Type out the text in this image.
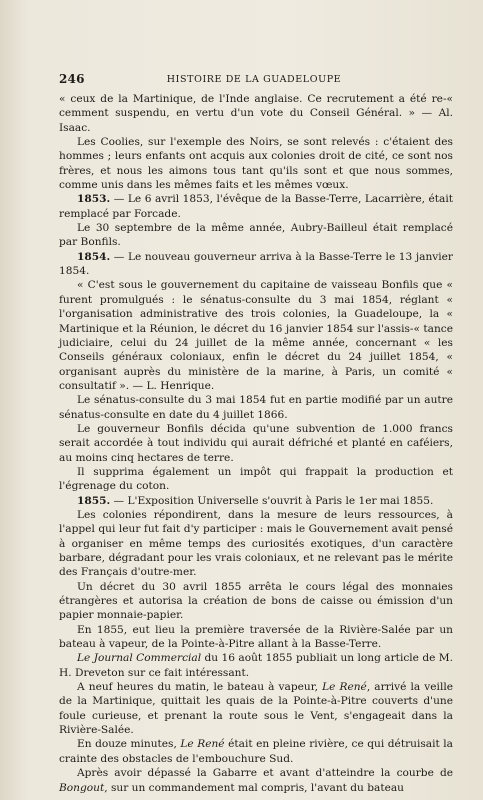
246	HISTOIRE DE LA GUADELOUPE

« ceux de la Martinique, de l'Inde anglaise. Ce recrutement a été re-« cemment suspendu, en vertu d'un vote du Conseil Général. » — Al. Isaac.

Les Coolies, sur l'exemple des Noirs, se sont relevés : c'étaient des hommes ; leurs enfants ont acquis aux colonies droit de cité, ce sont nos frères, et nous les aimons tous tant qu'ils sont et que nous sommes, comme unis dans les mêmes faits et les mêmes vœux.

1853. — Le 6 avril 1853, l'évêque de la Basse-Terre, Lacarrière, était remplacé par Forcade.

Le 30 septembre de la même année, Aubry-Bailleul était remplacé par Bonfils.

1854. — Le nouveau gouverneur arriva à la Basse-Terre le 13 janvier 1854.

« C'est sous le gouvernement du capitaine de vaisseau Bonfils que « furent promulgués : le sénatus-consulte du 3 mai 1854, réglant « l'organisation administrative des trois colonies, la Guadeloupe, la « Martinique et la Réunion, le décret du 16 janvier 1854 sur l'assis-« tance judiciaire, celui du 24 juillet de la même année, concernant « les Conseils généraux coloniaux, enfin le décret du 24 juillet 1854, « organisant auprès du ministère de la marine, à Paris, un comité « consultatif ». — L. Henrique.

Le sénatus-consulte du 3 mai 1854 fut en partie modifié par un autre sénatus-consulte en date du 4 juillet 1866.

Le gouverneur Bonfils décida qu'une subvention de 1.000 francs serait accordée à tout individu qui aurait défriché et planté en caféiers, au moins cinq hectares de terre.

Il supprima également un impôt qui frappait la production et l'égrenage du coton.

1855. — L'Exposition Universelle s'ouvrit à Paris le 1er mai 1855.

Les colonies répondirent, dans la mesure de leurs ressources, à l'appel qui leur fut fait d'y participer : mais le Gouvernement avait pensé à organiser en même temps des curiosités exotiques, d'un caractère barbare, dégradant pour les vrais coloniaux, et ne relevant pas le mérite des Français d'outre-mer.

Un décret du 30 avril 1855 arrêta le cours légal des monnaies étrangères et autorisa la création de bons de caisse ou émission d'un papier monnaie-papier.

En 1855, eut lieu la première traversée de la Rivière-Salée par un bateau à vapeur, de la Pointe-à-Pitre allant à la Basse-Terre.

Le Journal Commercial du 16 août 1855 publiait un long article de M. H. Dreveton sur ce fait intéressant.

A neuf heures du matin, le bateau à vapeur, Le René, arrivé la veille de la Martinique, quittait les quais de la Pointe-à-Pitre couverts d'une foule curieuse, et prenant la route sous le Vent, s'engageait dans la Rivière-Salée.

En douze minutes, Le René était en pleine rivière, ce qui détruisait la crainte des obstacles de l'embouchure Sud.

Après avoir dépassé la Gabarre et avant d'atteindre la courbe de Bongout, sur un commandement mal compris, l'avant du bateau
